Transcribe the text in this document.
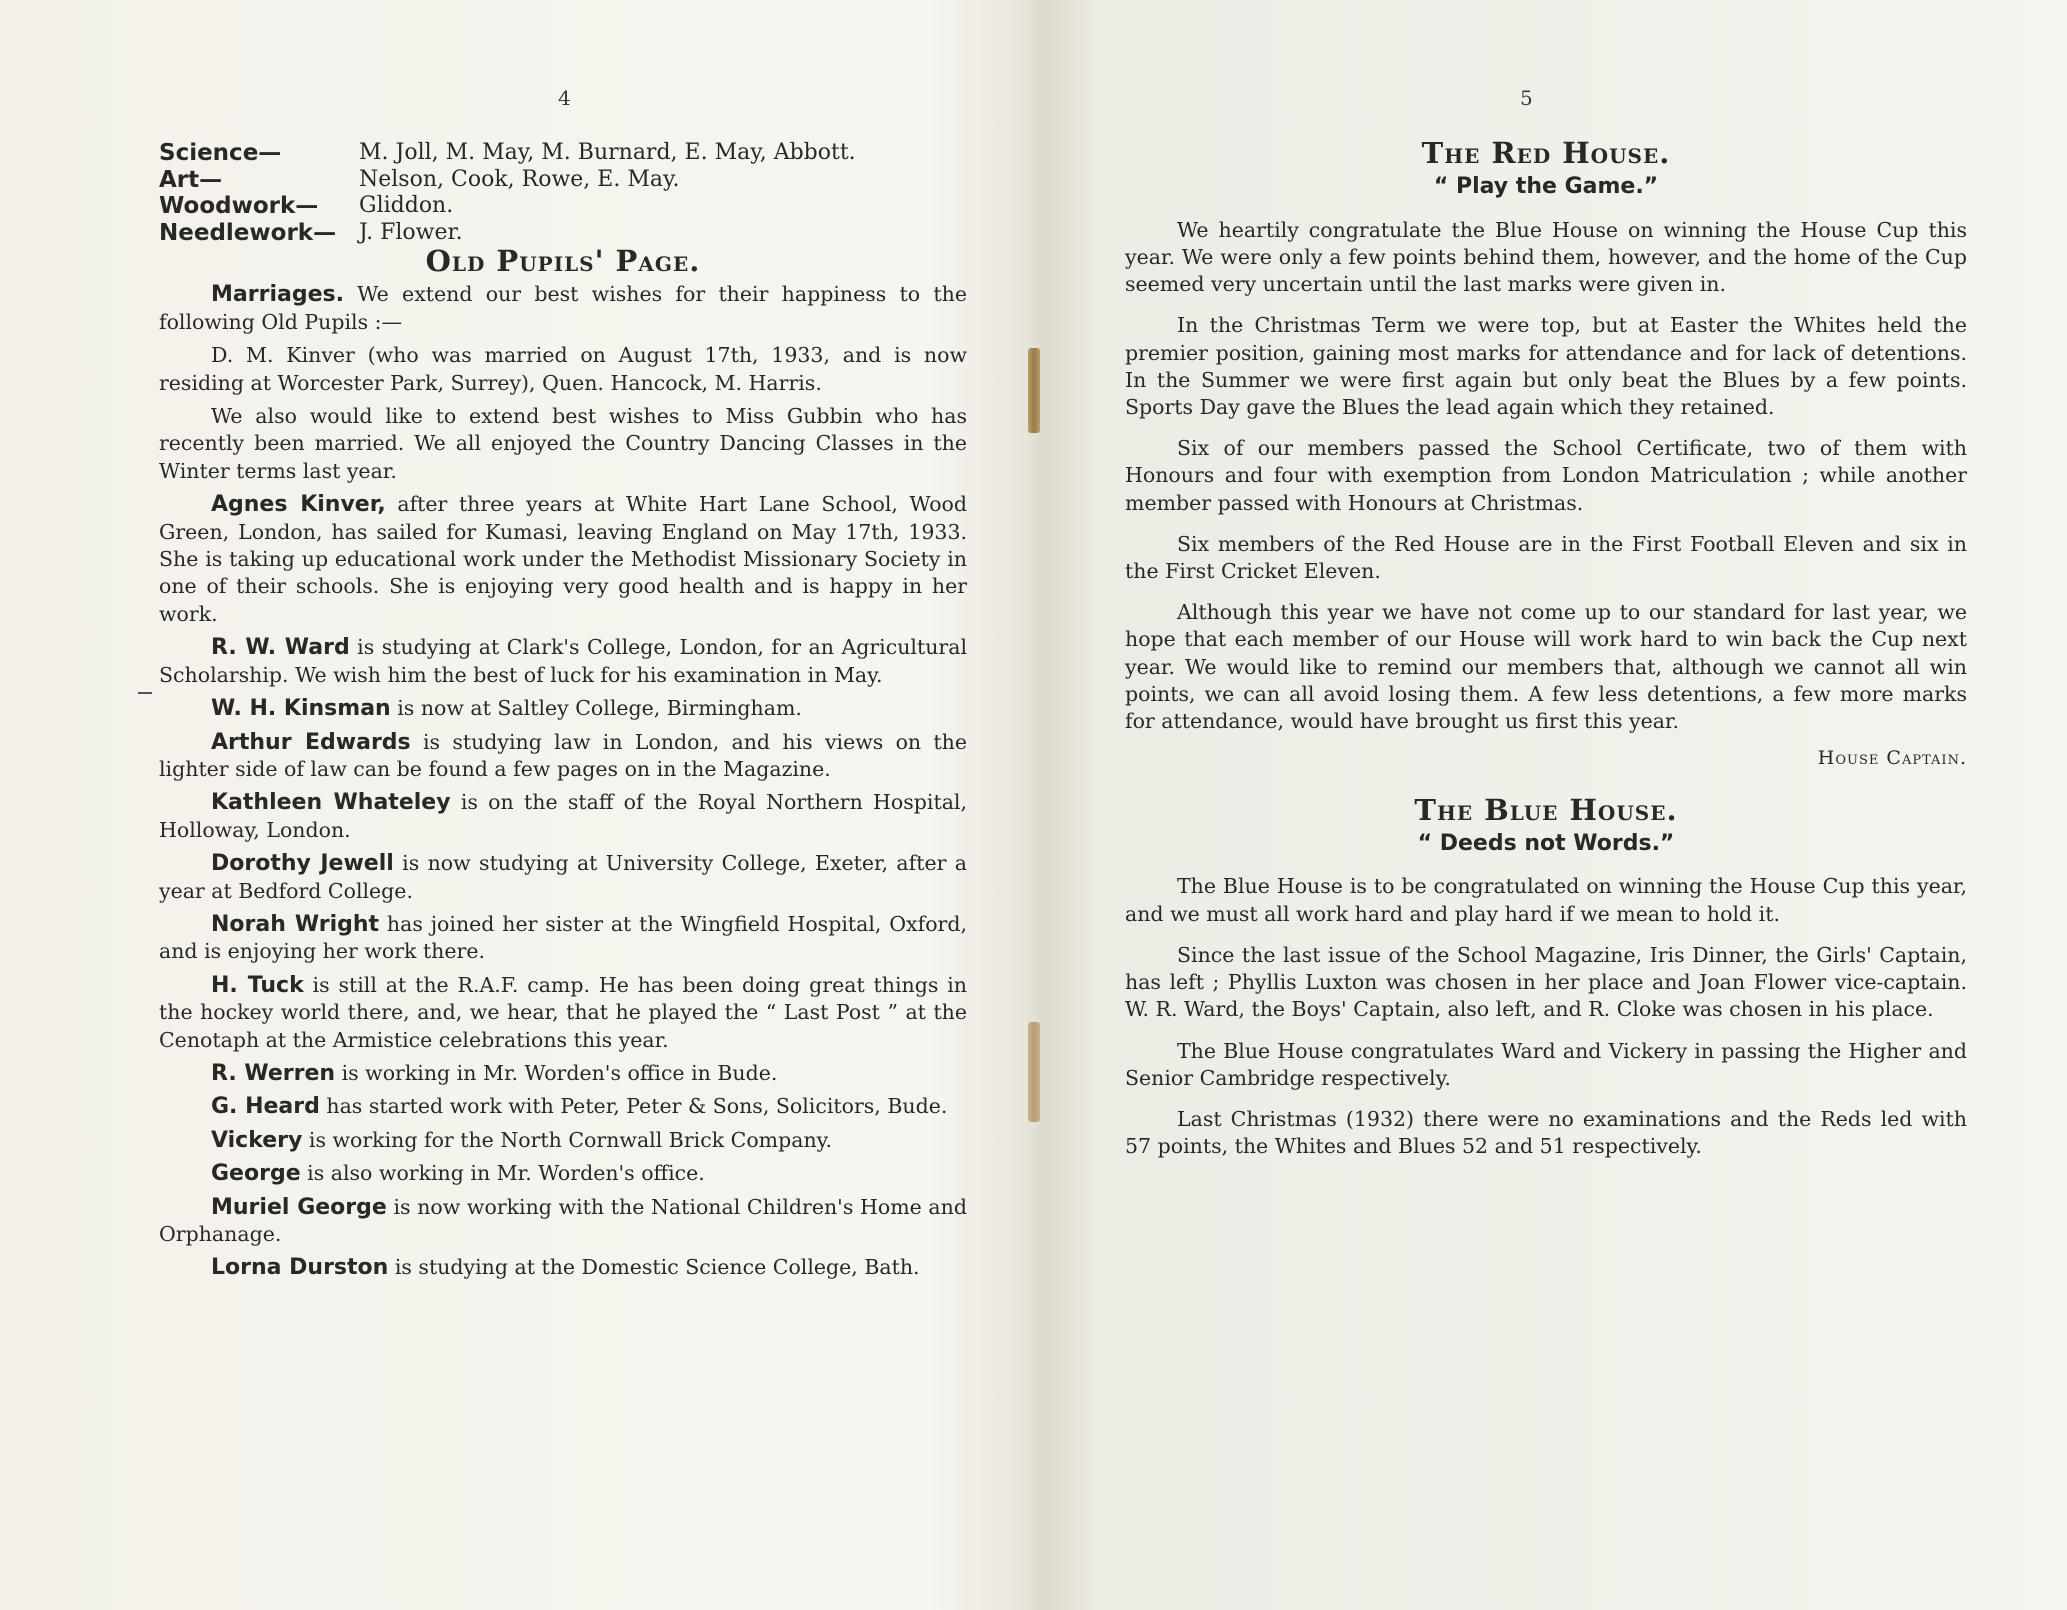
4
Science—	M. Joll, M. May, M. Burnard, E. May, Abbott.
Art—	Nelson, Cook, Rowe, E. May.
Woodwork—	Gliddon.
Needlework—	J. Flower.
Old Pupils' Page.

Marriages. We extend our best wishes for their happiness to the following Old Pupils :—

D. M. Kinver (who was married on August 17th, 1933, and is now residing at Worcester Park, Surrey), Quen. Hancock, M. Harris.

We also would like to extend best wishes to Miss Gubbin who has recently been married. We all enjoyed the Country Dancing Classes in the Winter terms last year.

Agnes Kinver, after three years at White Hart Lane School, Wood Green, London, has sailed for Kumasi, leaving England on May 17th, 1933. She is taking up educational work under the Methodist Missionary Society in one of their schools. She is enjoying very good health and is happy in her work.

R. W. Ward is studying at Clark's College, London, for an Agricultural Scholarship. We wish him the best of luck for his examination in May.

W. H. Kinsman is now at Saltley College, Birmingham.

Arthur Edwards is studying law in London, and his views on the lighter side of law can be found a few pages on in the Magazine.

Kathleen Whateley is on the staff of the Royal Northern Hospital, Holloway, London.

Dorothy Jewell is now studying at University College, Exeter, after a year at Bedford College.

Norah Wright has joined her sister at the Wingfield Hospital, Oxford, and is enjoying her work there.

H. Tuck is still at the R.A.F. camp. He has been doing great things in the hockey world there, and, we hear, that he played the “ Last Post ” at the Cenotaph at the Armistice celebrations this year.

R. Werren is working in Mr. Worden's office in Bude.

G. Heard has started work with Peter, Peter & Sons, Solicitors, Bude.

Vickery is working for the North Cornwall Brick Company.

George is also working in Mr. Worden's office.

Muriel George is now working with the National Children's Home and Orphanage.

Lorna Durston is studying at the Domestic Science College, Bath.

5
The Red House.
“ Play the Game.”

We heartily congratulate the Blue House on winning the House Cup this year. We were only a few points behind them, however, and the home of the Cup seemed very uncertain until the last marks were given in.

In the Christmas Term we were top, but at Easter the Whites held the premier position, gaining most marks for attendance and for lack of detentions. In the Summer we were first again but only beat the Blues by a few points. Sports Day gave the Blues the lead again which they retained.

Six of our members passed the School Certificate, two of them with Honours and four with exemption from London Matriculation ; while another member passed with Honours at Christmas.

Six members of the Red House are in the First Football Eleven and six in the First Cricket Eleven.

Although this year we have not come up to our standard for last year, we hope that each member of our House will work hard to win back the Cup next year. We would like to remind our members that, although we cannot all win points, we can all avoid losing them. A few less detentions, a few more marks for attendance, would have brought us first this year.

House Captain.
The Blue House.
“ Deeds not Words.”

The Blue House is to be congratulated on winning the House Cup this year, and we must all work hard and play hard if we mean to hold it.

Since the last issue of the School Magazine, Iris Dinner, the Girls' Captain, has left ; Phyllis Luxton was chosen in her place and Joan Flower vice-captain. W. R. Ward, the Boys' Captain, also left, and R. Cloke was chosen in his place.

The Blue House congratulates Ward and Vickery in passing the Higher and Senior Cambridge respectively.

Last Christmas (1932) there were no examinations and the Reds led with 57 points, the Whites and Blues 52 and 51 respectively.
